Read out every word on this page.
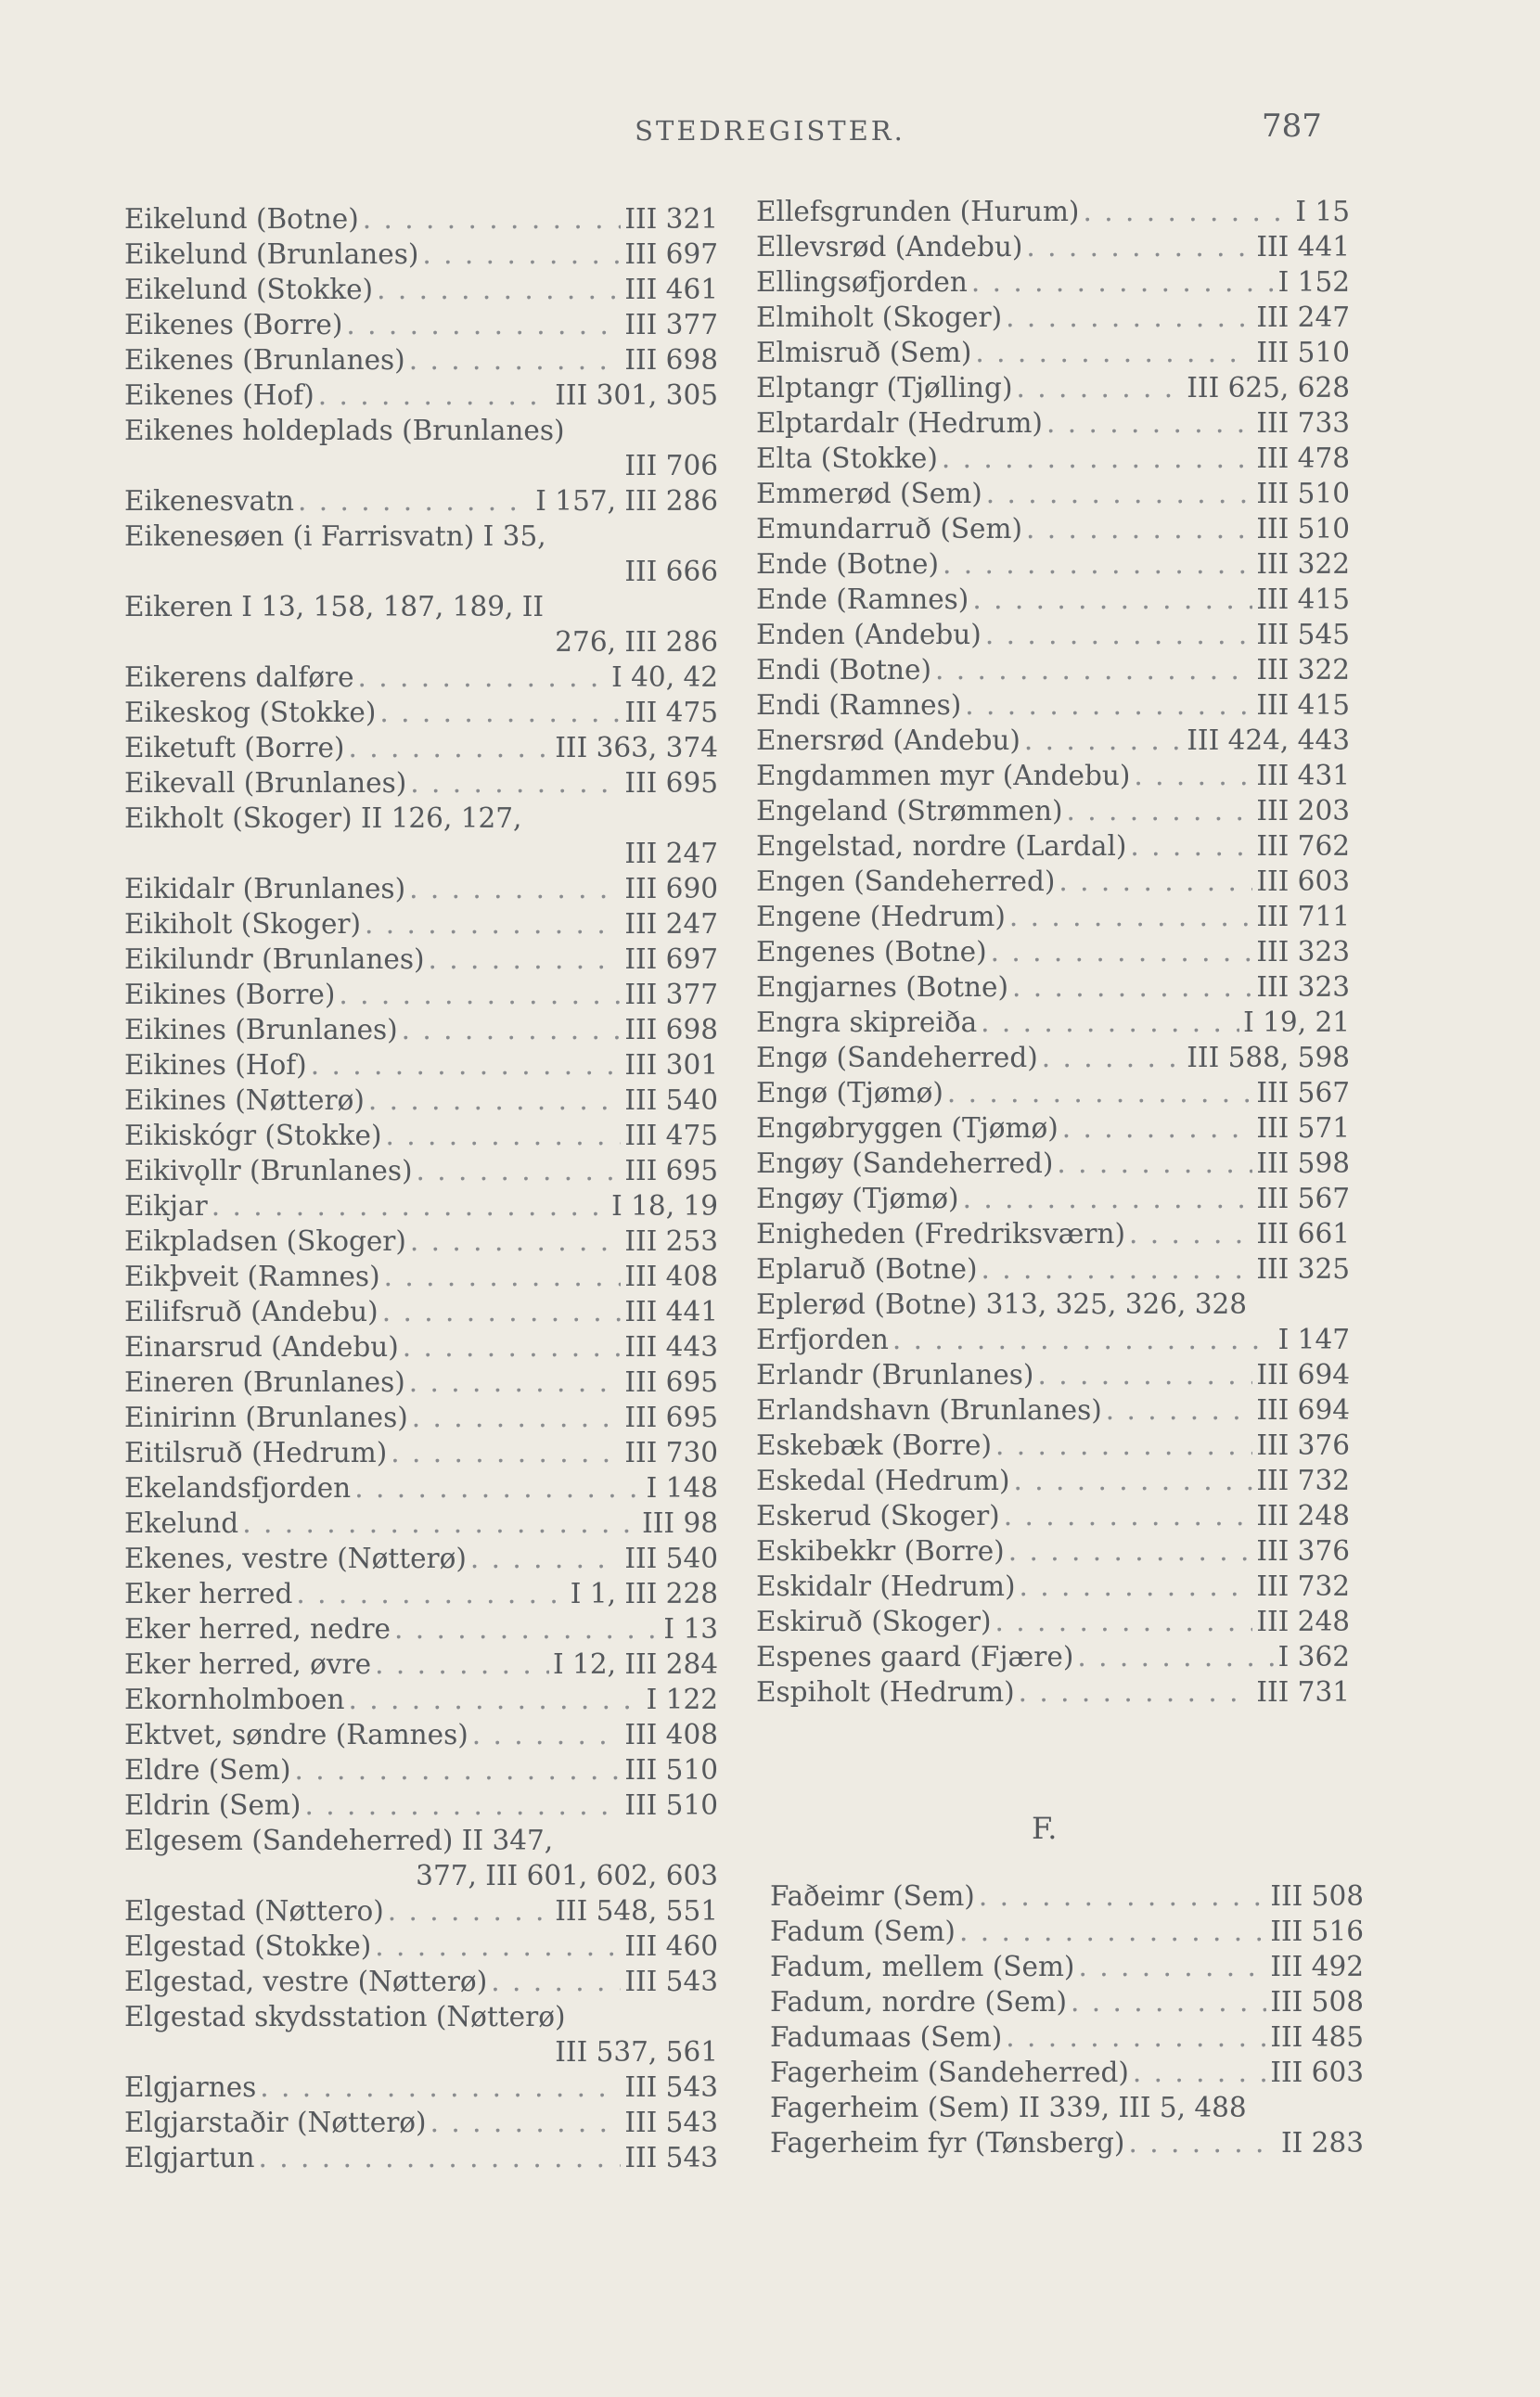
STEDREGISTER.	787
Eikelund (Botne) . . .	III 321
Eikelund (Brunlanes) . . .	III 697
Eikelund (Stokke) . . .	III 461
Eikenes (Borre) . . .	III 377
Eikenes (Brunlanes) . . .	III 698
Eikenes (Hof) . . .	III 301, 305
Eikenes holdeplads (Brunlanes)
III 706
Eikenesvatn . . .	I 157, III 286
Eikenesøen (i Farrisvatn) I 35,
III 666
Eikeren I 13, 158, 187, 189, II
276, III 286
Eikerens dalføre . . .	I 40, 42
Eikeskog (Stokke) . . .	III 475
Eiketuft (Borre) . . .	III 363, 374
Eikevall (Brunlanes) . . .	III 695
Eikholt (Skoger) II 126, 127,
III 247
Eikidalr (Brunlanes) . . .	III 690
Eikiholt (Skoger) . . .	III 247
Eikilundr (Brunlanes) . . .	III 697
Eikines (Borre) . . .	III 377
Eikines (Brunlanes) . . .	III 698
Eikines (Hof) . . .	III 301
Eikines (Nøtterø) . . .	III 540
Eikiskógr (Stokke) . . .	III 475
Eikivǫllr (Brunlanes) . . .	III 695
Eikjar . . .	I 18, 19
Eikpladsen (Skoger) . . .	III 253
Eikþveit (Ramnes) . . .	III 408
Eilifsruð (Andebu) . . .	III 441
Einarsrud (Andebu) . . .	III 443
Eineren (Brunlanes) . . .	III 695
Einirinn (Brunlanes) . . .	III 695
Eitilsruð (Hedrum) . . .	III 730
Ekelandsfjorden . . .	I 148
Ekelund . . .	III 98
Ekenes, vestre (Nøtterø) . . .	III 540
Eker herred . . .	I 1, III 228
Eker herred, nedre . . .	I 13
Eker herred, øvre . . .	I 12, III 284
Ekornholmboen . . .	I 122
Ektvet, søndre (Ramnes) . . .	III 408
Eldre (Sem) . . .	III 510
Eldrin (Sem) . . .	III 510
Elgesem (Sandeherred) II 347,
377, III 601, 602, 603
Elgestad (Nøttero) . . .	III 548, 551
Elgestad (Stokke) . . .	III 460
Elgestad, vestre (Nøtterø) . . .	III 543
Elgestad skydsstation (Nøtterø)
III 537, 561
Elgjarnes . . .	III 543
Elgjarstaðir (Nøtterø) . . .	III 543
Elgjartun . . .	III 543
Ellefsgrunden (Hurum) . . .	I 15
Ellevsrød (Andebu) . . .	III 441
Ellingsøfjorden . . .	I 152
Elmiholt (Skoger) . . .	III 247
Elmisruð (Sem) . . .	III 510
Elptangr (Tjølling) . . .	III 625, 628
Elptardalr (Hedrum) . . .	III 733
Elta (Stokke) . . .	III 478
Emmerød (Sem) . . .	III 510
Emundarruð (Sem) . . .	III 510
Ende (Botne) . . .	III 322
Ende (Ramnes) . . .	III 415
Enden (Andebu) . . .	III 545
Endi (Botne) . . .	III 322
Endi (Ramnes) . . .	III 415
Enersrød (Andebu) . . .	III 424, 443
Engdammen myr (Andebu) . . .	III 431
Engeland (Strømmen) . . .	III 203
Engelstad, nordre (Lardal) . . .	III 762
Engen (Sandeherred) . . .	III 603
Engene (Hedrum) . . .	III 711
Engenes (Botne) . . .	III 323
Engjarnes (Botne) . . .	III 323
Engra skipreiða . . .	I 19, 21
Engø (Sandeherred) . . .	III 588, 598
Engø (Tjømø) . . .	III 567
Engøbryggen (Tjømø) . . .	III 571
Engøy (Sandeherred) . . .	III 598
Engøy (Tjømø) . . .	III 567
Enigheden (Fredriksværn) . . .	III 661
Eplaruð (Botne) . . .	III 325
Eplerød (Botne) 313, 325, 326, 328
Erfjorden . . .	I 147
Erlandr (Brunlanes) . . .	III 694
Erlandshavn (Brunlanes) . . .	III 694
Eskebæk (Borre) . . .	III 376
Eskedal (Hedrum) . . .	III 732
Eskerud (Skoger) . . .	III 248
Eskibekkr (Borre) . . .	III 376
Eskidalr (Hedrum) . . .	III 732
Eskiruð (Skoger) . . .	III 248
Espenes gaard (Fjære) . . .	I 362
Espiholt (Hedrum) . . .	III 731
F.
Faðeimr (Sem) . . .	III 508
Fadum (Sem) . . .	III 516
Fadum, mellem (Sem) . . .	III 492
Fadum, nordre (Sem) . . .	III 508
Fadumaas (Sem) . . .	III 485
Fagerheim (Sandeherred) . . .	III 603
Fagerheim (Sem) II 339, III 5, 488
Fagerheim fyr (Tønsberg) . . .	II 283
